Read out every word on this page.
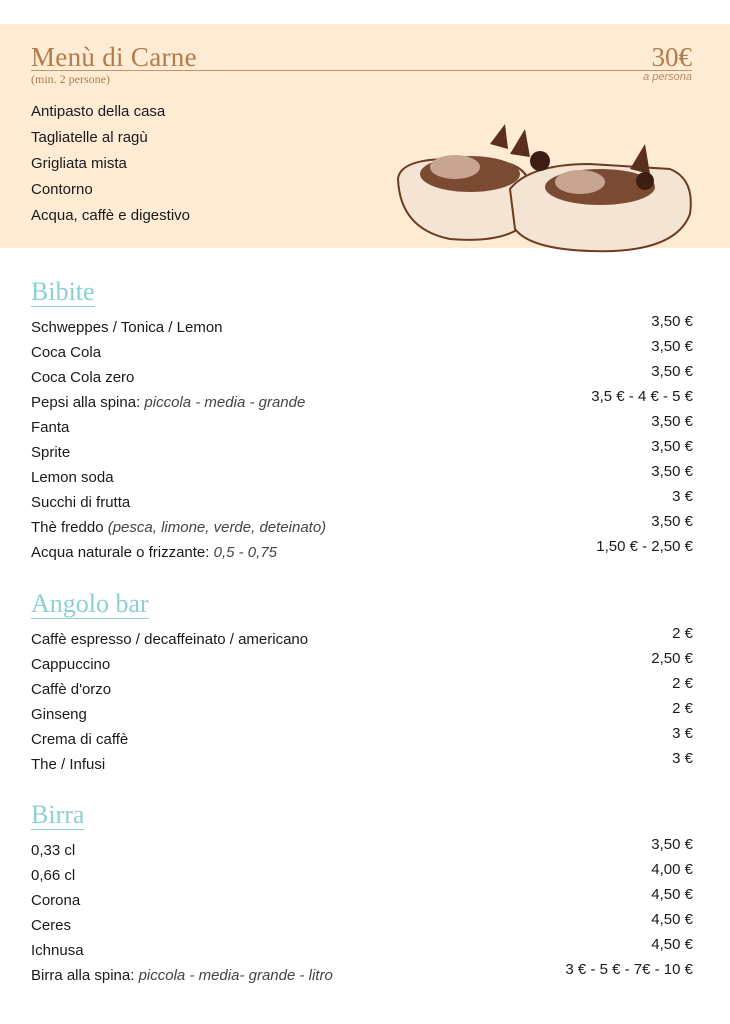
Menù di Carne
(min. 2 persone)
30€
a persona
Antipasto della casa
Tagliatelle al ragù
Grigliata mista
Contorno
Acqua, caffè e digestivo
Bibite
Schweppes / Tonica / Lemon	3,50 €
Coca Cola	3,50 €
Coca Cola zero	3,50 €
Pepsi alla spina: piccola - media - grande	3,5 € - 4 € - 5 €
Fanta	3,50 €
Sprite	3,50 €
Lemon soda	3,50 €
Succhi di frutta	3 €
Thè freddo (pesca, limone, verde, deteinato)	3,50 €
Acqua naturale o frizzante: 0,5 - 0,75	1,50 € - 2,50 €
Angolo bar
Caffè espresso / decaffeinato / americano	2 €
Cappuccino	2,50 €
Caffè d'orzo	2 €
Ginseng	2 €
Crema di caffè	3 €
The / Infusi	3 €
Birra
0,33 cl	3,50 €
0,66 cl	4,00 €
Corona	4,50 €
Ceres	4,50 €
Ichnusa	4,50 €
Birra alla spina: piccola - media- grande - litro	3 € - 5 € - 7€ - 10 €
